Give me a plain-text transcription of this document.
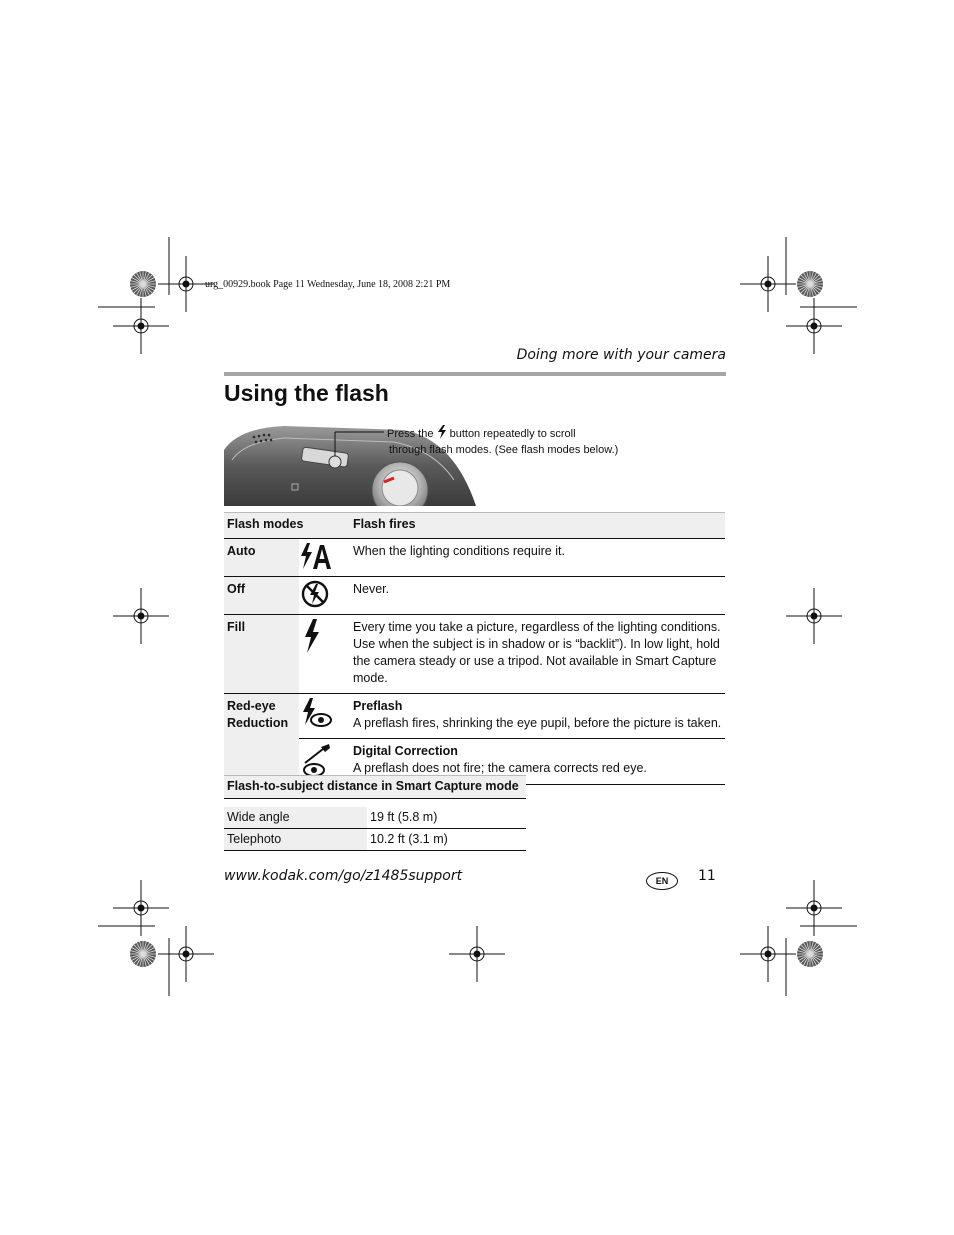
urg_00929.book Page 11 Wednesday, June 18, 2008 2:21 PM
Doing more with your camera
Using the flash
Press the button repeatedly to scroll
through flash modes. (See flash modes below.)
Flash modes		Flash fires
Auto		When the lighting conditions require it.
Off		Never.
Fill		Every time you take a picture, regardless of the lighting conditions. Use when the subject is in shadow or is “backlit”). In low light, hold the camera steady or use a tripod. Not available in Smart Capture mode.
Red-eye Reduction		Preflash
A preflash fires, shrinking the eye pupil, before the picture is taken.

Digital Correction
A preflash does not fire; the camera corrects red eye.
Flash-to-subject distance in Smart Capture mode	

Wide angle	19 ft (5.8 m)
Telephoto	10.2 ft (3.1 m)
www.kodak.com/go/z1485support	EN	11
